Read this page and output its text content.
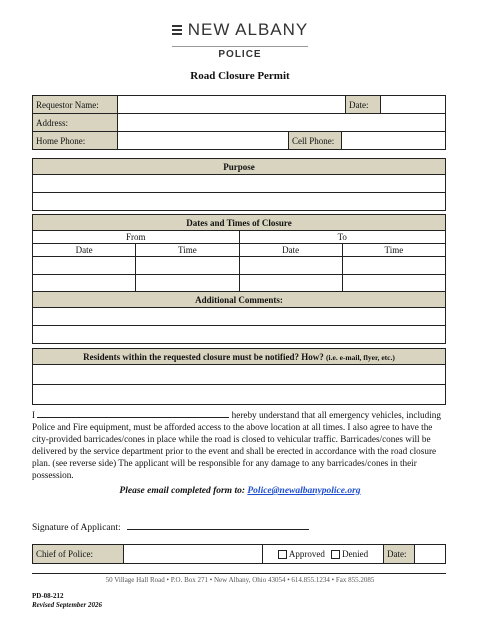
NEW ALBANY
POLICE
Road Closure Permit
Requestor Name:		Date:	
Address:			
Home Phone:		Cell Phone:	
Purpose

Dates and Times of Closure			
From		To	
Date	Time	Date	Time

Additional Comments:

Residents within the requested closure must be notified? How? (i.e. e-mail, flyer, etc.)

I	hereby understand that all emergency vehicles, including Police and Fire equipment, must be afforded access to the above location at all times. I also agree to have the city-provided barricades/cones in place while the road is closed to vehicular traffic. Barricades/cones will be delivered by the service department prior to the event and shall be erected in accordance with the road closure plan. (see reverse side) The applicant will be responsible for any damage to any barricades/cones in their possession.
Please email completed form to: Police@newalbanypolice.org
Signature of Applicant:
Chief of Police:		Approved Denied	Date:	
50 Village Hall Road • P.O. Box 271 • New Albany, Ohio 43054 • 614.855.1234 • Fax 855.2085
PD-08-212
Revised September 2026
